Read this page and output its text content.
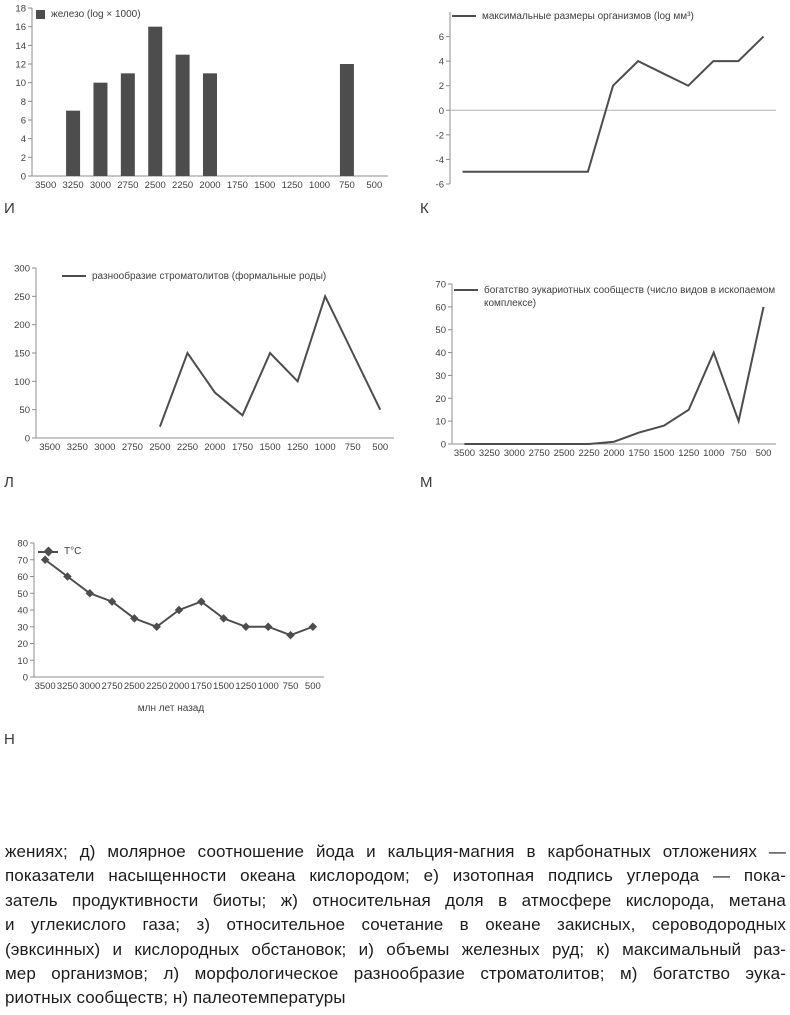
0
2
4
6
8
10
12
14
16
18
3500 3250 3000 2750 2500 2250 2000 1750 1500 1250 1000 750 500
железо (log × 1000)
И
-6
-4
-2
0
2
4
6
максимальные размеры организмов (log мм³)
К
0
50
100
150
200
250
300
3500 3250 3000 2750 2500 2250 2000 1750 1500 1250 1000 750 500
разнообразие строматолитов (формальные роды)
Л
0
10
20
30
40
50
60
70
3500 3250 3000 2750 2500 2250 2000 1750 1500 1250 1000 750 500
богатство эукариотных сообществ (число видов в ископаемом комплексе)
М
0
10
20
30
40
50
60
70
80
3500 3250 3000 2750 2500 2250 2000 1750 1500 1250 1000 750 500
Т°С
млн лет назад
Н
жениях; д) молярное соотношение йода и кальция-магния в карбонатных отложениях —
показатели насыщенности океана кислородом; е) изотопная подпись углерода — пока-
затель продуктивности биоты; ж) относительная доля в атмосфере кислорода, метана
и углекислого газа; з) относительное сочетание в океане закисных, сероводородных
(эвксинных) и кислородных обстановок; и) объемы железных руд; к) максимальный раз-
мер организмов; л) морфологическое разнообразие строматолитов; м) богатство эука-
риотных сообществ; н) палеотемпературы
